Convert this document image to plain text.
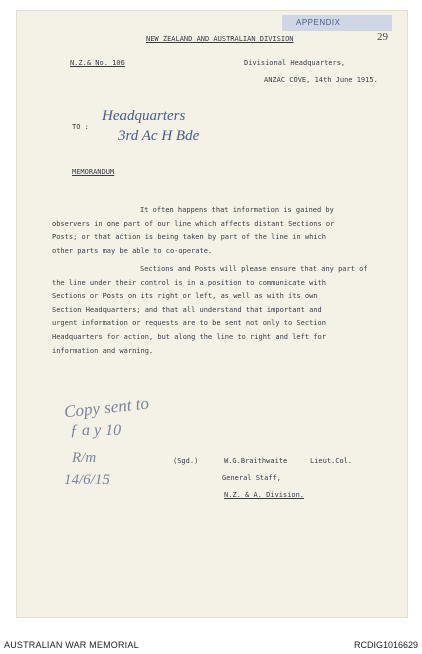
APPENDIX
29
NEW ZEALAND AND AUSTRALIAN DIVISION
N.Z.& No. 106	Divisional Headquarters,
ANZAC COVE, 14th June 1915.
TO :
Headquarters
3rd Ac H Bde
MEMORANDUM
It often happens that information is gained by
observers in one part of our line which affects distant Sections or
Posts; or that action is being taken by part of the line in which
other parts may be able to co-operate.
Sections and Posts will please ensure that any part of
the line under their control is in a position to communicate with
Sections or Posts on its right or left, as well as with its own
Section Headquarters; and that all understand that important and
urgent information or requests are to be sent not only to Section
Headquarters for action, but along the line to right and left for
information and warning.
Copy sent to
ƒ ɑ y 10
R/m
14/6/15
(Sgd.)	W.G.Braithwaite	Lieut.Col.
General Staff,
N.Z. & A. Division.
AUSTRALIAN WAR MEMORIAL	RCDIG1016629
